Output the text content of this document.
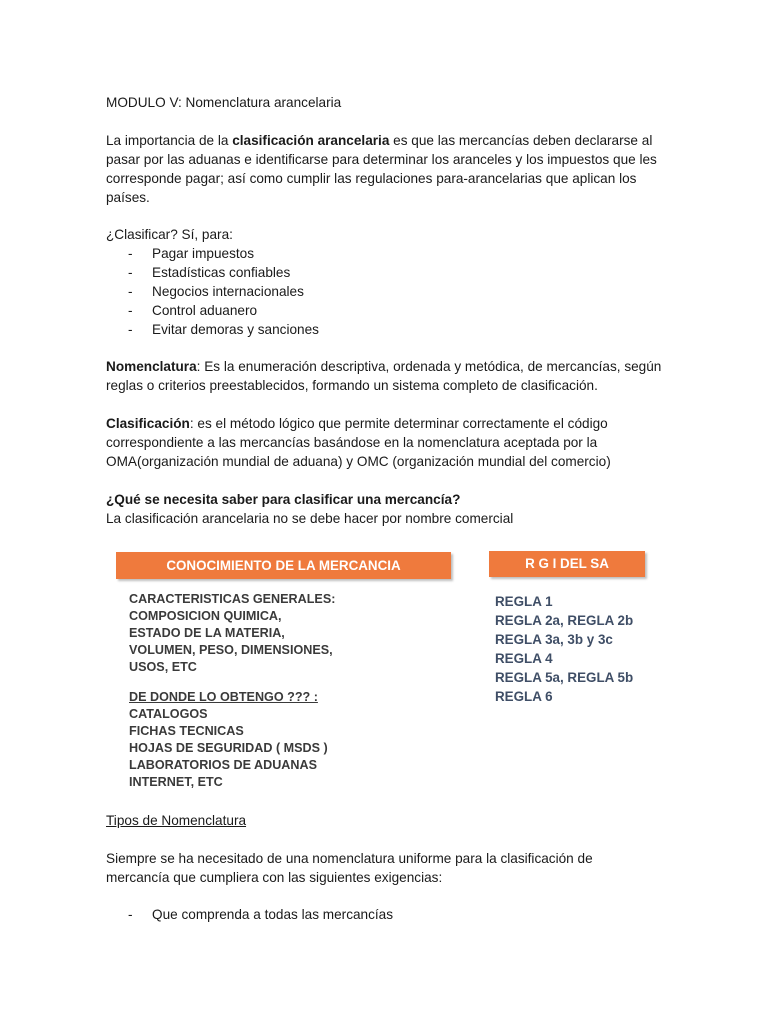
MODULO V: Nomenclatura arancelaria
La importancia de la clasificación arancelaria es que las mercancías deben declararse al
pasar por las aduanas e identificarse para determinar los aranceles y los impuestos que les
corresponde pagar; así como cumplir las regulaciones para-arancelarias que aplican los
países.
¿Clasificar? Sí, para:
- Pagar impuestos
- Estadísticas confiables
- Negocios internacionales
- Control aduanero
- Evitar demoras y sanciones
Nomenclatura: Es la enumeración descriptiva, ordenada y metódica, de mercancías, según
reglas o criterios preestablecidos, formando un sistema completo de clasificación.
Clasificación: es el método lógico que permite determinar correctamente el código
correspondiente a las mercancías basándose en la nomenclatura aceptada por la
OMA(organización mundial de aduana) y OMC (organización mundial del comercio)
¿Qué se necesita saber para clasificar una mercancía?
La clasificación arancelaria no se debe hacer por nombre comercial
CONOCIMIENTO DE LA MERCANCIA	R G I DEL SA
CARACTERISTICAS GENERALES:
COMPOSICION QUIMICA,
ESTADO DE LA MATERIA,
VOLUMEN, PESO, DIMENSIONES,
USOS, ETC
DE DONDE LO OBTENGO ??? :
CATALOGOS
FICHAS TECNICAS
HOJAS DE SEGURIDAD ( MSDS )
LABORATORIOS DE ADUANAS
INTERNET, ETC
REGLA 1
REGLA 2a, REGLA 2b
REGLA 3a, 3b y 3c
REGLA 4
REGLA 5a, REGLA 5b
REGLA 6
Tipos de Nomenclatura
Siempre se ha necesitado de una nomenclatura uniforme para la clasificación de
mercancía que cumpliera con las siguientes exigencias:
- Que comprenda a todas las mercancías
